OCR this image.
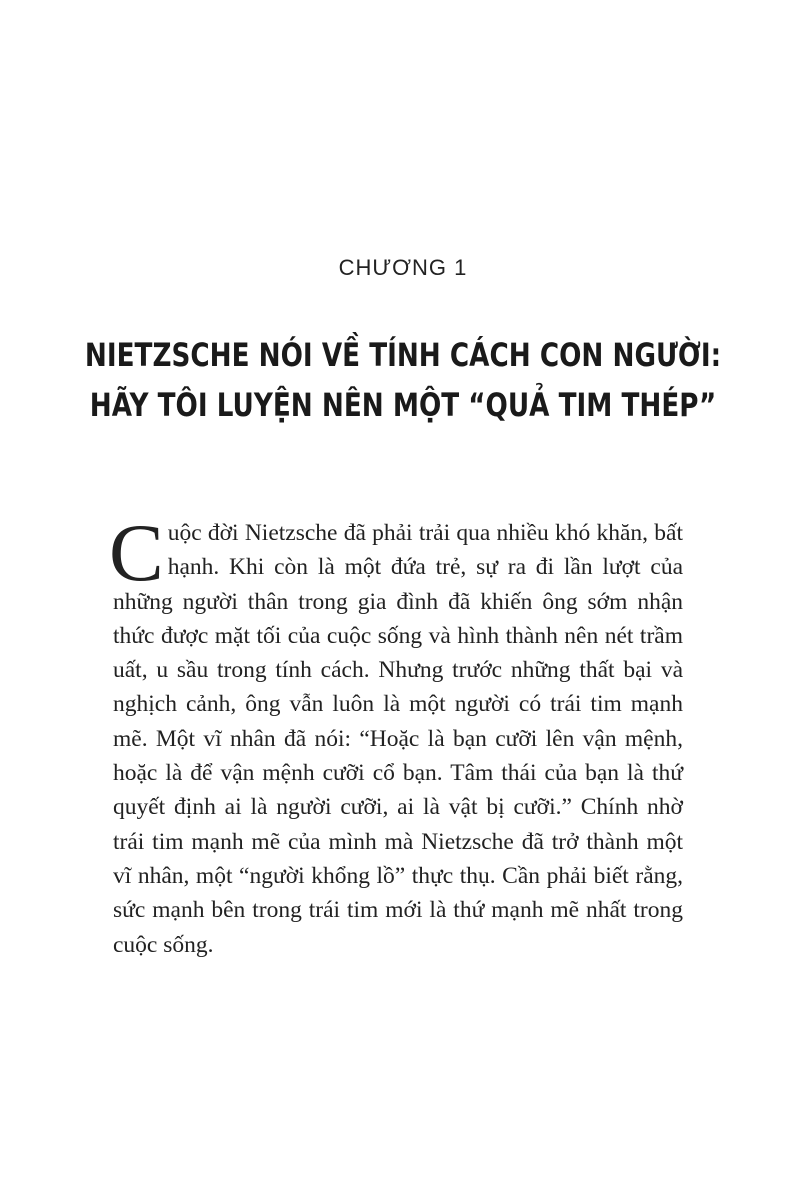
CHƯƠNG 1
NIETZSCHE NÓI VỀ TÍNH CÁCH CON NGƯỜI:
HÃY TÔI LUYỆN NÊN MỘT “QUẢ TIM THÉP”
Cuộc đời Nietzsche đã phải trải qua nhiều khó khăn, bất hạnh. Khi còn là một đứa trẻ, sự ra đi lần lượt của những người thân trong gia đình đã khiến ông sớm nhận thức được mặt tối của cuộc sống và hình thành nên nét trầm uất, u sầu trong tính cách. Nhưng trước những thất bại và nghịch cảnh, ông vẫn luôn là một người có trái tim mạnh mẽ. Một vĩ nhân đã nói: “Hoặc là bạn cưỡi lên vận mệnh, hoặc là để vận mệnh cưỡi cổ bạn. Tâm thái của bạn là thứ quyết định ai là người cưỡi, ai là vật bị cưỡi.” Chính nhờ trái tim mạnh mẽ của mình mà Nietzsche đã trở thành một vĩ nhân, một “người khổng lồ” thực thụ. Cần phải biết rằng, sức mạnh bên trong trái tim mới là thứ mạnh mẽ nhất trong cuộc sống.
